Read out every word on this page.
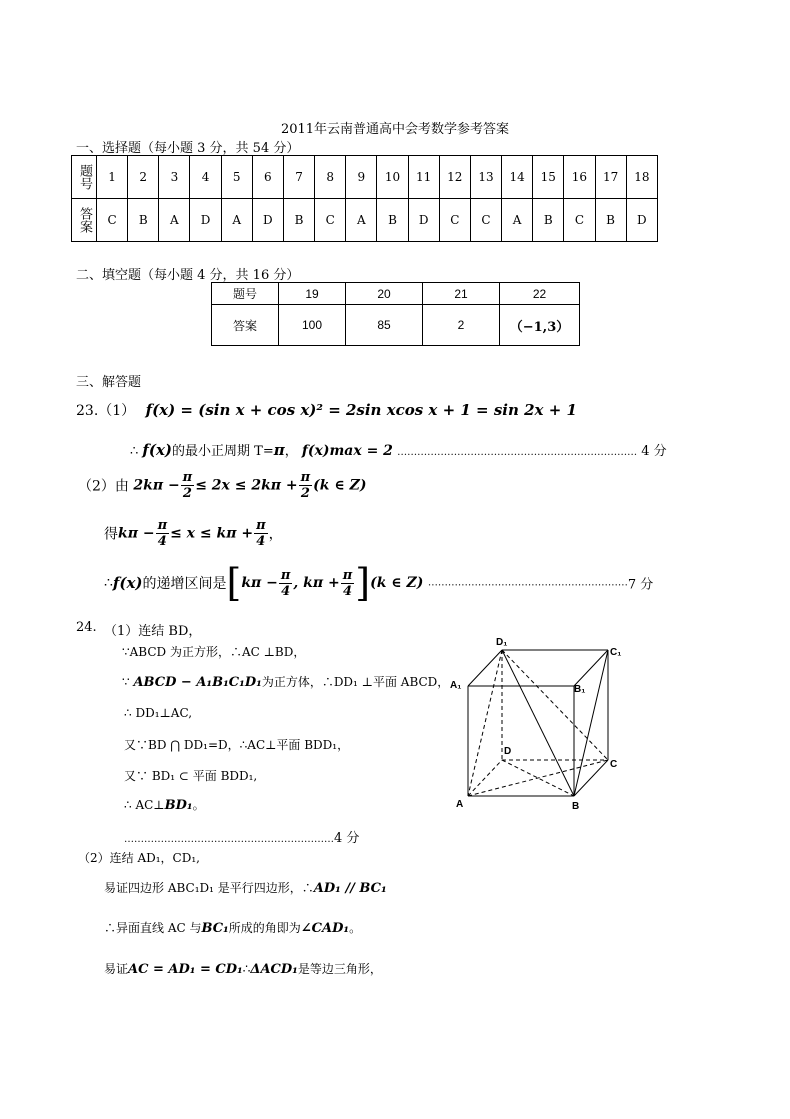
2011年云南普通高中会考数学参考答案
一、选择题（每小题 3 分，共 54 分）
题号	1	2	3	4	5	6	7	8	9	10	11	12	13	14	15	16	17	18
答案	C	B	A	D	A	D	B	C	A	B	D	C	C	A	B	C	B	D
二、填空题（每小题 4 分，共 16 分）
题号	19	20	21	22
答案	100	85	2	（−1,3）
三、解答题
23.（1） f(x) = (sin x + cos x)² = 2sin xcos x + 1 = sin 2x + 1
∴ f(x)的最小正周期 T=π， f(x)max = 2 ……………………………………………………………… 4 分
（2）由 $2k\pi - \frac{\pi}{2} \le 2x \le 2k\pi + \frac{\pi}{2} (k$ ∈ Z)
得$k\pi - \frac{\pi}{4} \le x \le k\pi + \frac{\pi}{4}$ ，
∴f(x)的递增区间是[$k\pi - \frac{\pi}{4}$ , $k\pi + \frac{\pi}{4} ](k$ ∈ Z) ……………………………………………………7 分
24. （1）连结 BD，
∵ABCD 为正方形，∴AC ⊥BD，
∵ ABCD − A₁B₁C₁D₁为正方体，∴DD₁ ⊥平面 ABCD，
∴ DD₁⊥AC,
又∵BD ⋂ DD₁=D，∴AC⊥平面 BDD₁，
又∵ BD₁ ⊂ 平面 BDD₁,
∴ AC⊥BD₁。
………………………………………………………4 分
（2）连结 AD₁，CD₁,
易证四边形 ABC₁D₁ 是平行四边形，∴AD₁ // BC₁
∴异面直线 AC 与BC₁所成的角即为∠CAD₁。
易证AC = AD₁ = CD₁∴ΔACD₁是等边三角形，
D₁
C₁
A₁	B₁
D
C
A	B
